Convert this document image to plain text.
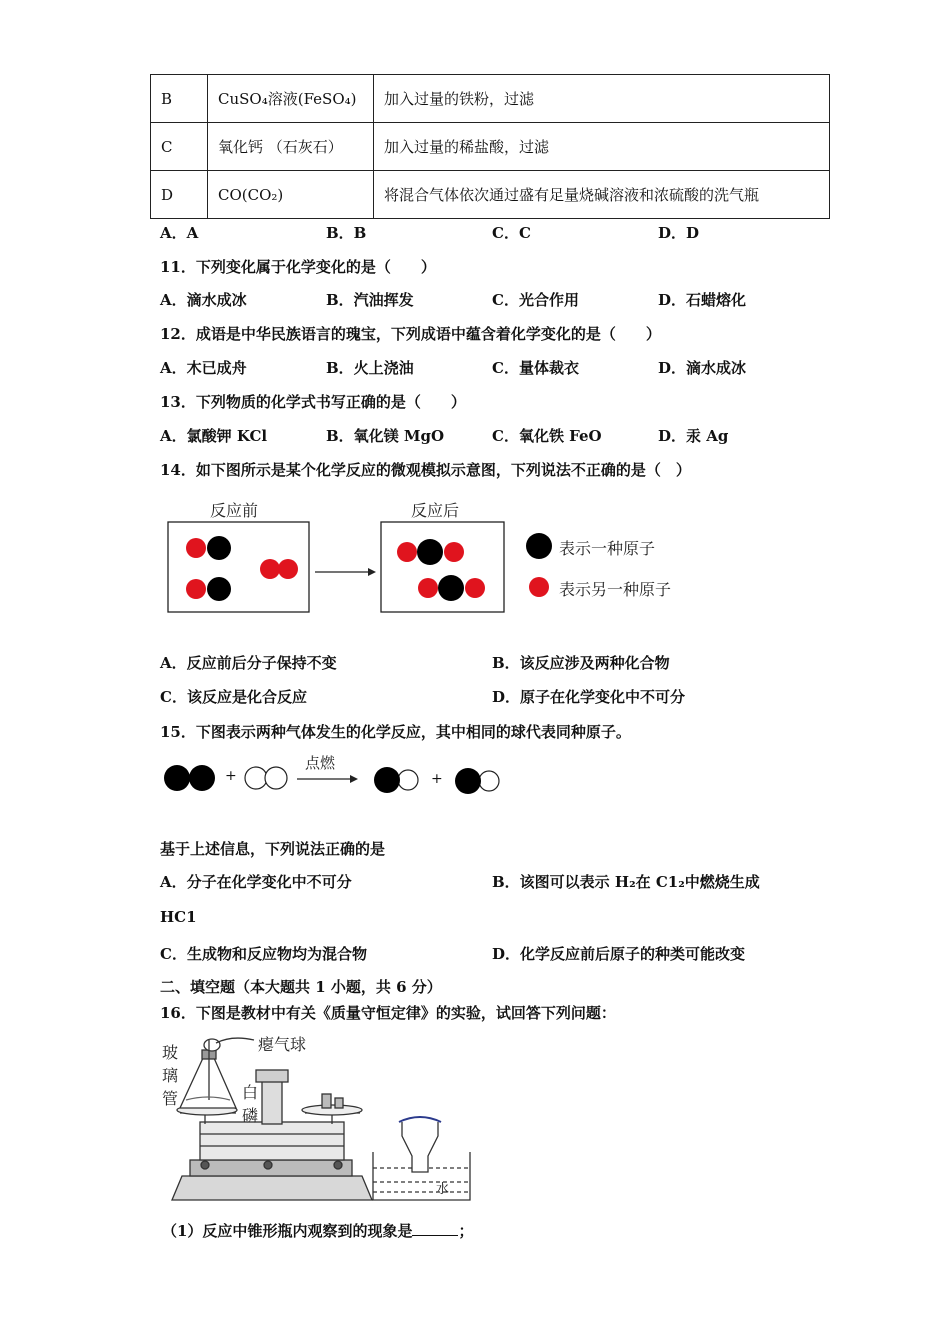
B	CuSO₄溶液(FeSO₄)	加入过量的铁粉，过滤
C	氧化钙 （石灰石）	加入过量的稀盐酸，过滤
D	CO(CO₂)	将混合气体依次通过盛有足量烧碱溶液和浓硫酸的洗气瓶
A．A	B．B	C．C	D．D
11．下列变化属于化学变化的是（　　）
A．滴水成冰	B．汽油挥发	C．光合作用	D．石蜡熔化
12．成语是中华民族语言的瑰宝，下列成语中蕴含着化学变化的是（　　）
A．木已成舟	B．火上浇油	C．量体裁衣	D．滴水成冰
13．下列物质的化学式书写正确的是（　　）
A．氯酸钾 KCl	B．氧化镁 MgO	C．氧化铁 FeO	D．汞 Ag
14．如下图所示是某个化学反应的微观模拟示意图，下列说法不正确的是（　）
反应前	反应后
表示一种原子
表示另一种原子
A．反应前后分子保持不变	B．该反应涉及两种化合物
C．该反应是化合反应	D．原子在化学变化中不可分
15．下图表示两种气体发生的化学反应，其中相同的球代表同种原子。
+	+
点燃
基于上述信息，下列说法正确的是
A．分子在化学变化中不可分	B．该图可以表示 H₂在 C1₂中燃烧生成
HC1
C．生成物和反应物均为混合物	D．化学反应前后原子的种类可能改变
二、填空题（本大题共 1 小题，共 6 分）
16．下图是教材中有关《质量守恒定律》的实验，试回答下列问题：
瘪气球
玻
璃
管	白
磷
水
（1）反应中锥形瓶内观察到的现象是	；
